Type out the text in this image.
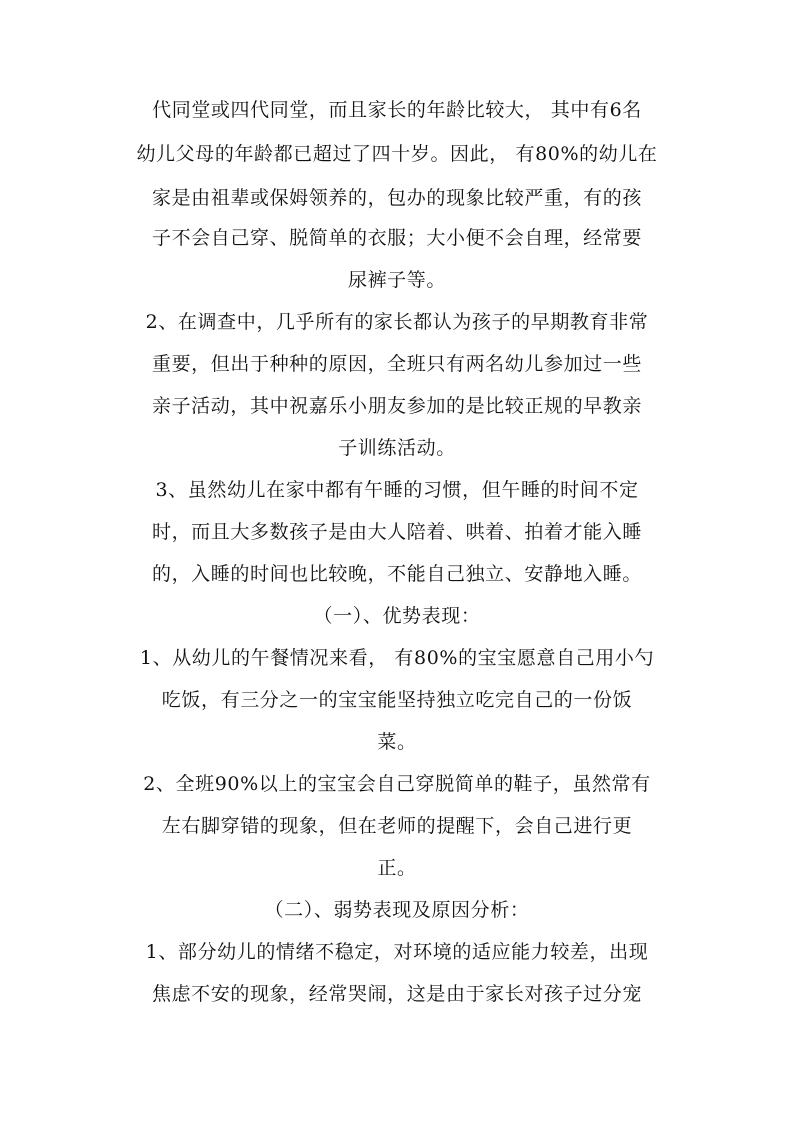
代同堂或四代同堂，而且家长的年龄比较大， 其中有6名
幼儿父母的年龄都已超过了四十岁。因此， 有80%的幼儿在
家是由祖辈或保姆领养的，包办的现象比较严重，有的孩
子不会自己穿、脱简单的衣服；大小便不会自理，经常要
尿裤子等。
2、在调查中，几乎所有的家长都认为孩子的早期教育非常
重要，但出于种种的原因，全班只有两名幼儿参加过一些
亲子活动，其中祝嘉乐小朋友参加的是比较正规的早教亲
子训练活动。
3、虽然幼儿在家中都有午睡的习惯，但午睡的时间不定
时，而且大多数孩子是由大人陪着、哄着、拍着才能入睡
的，入睡的时间也比较晚，不能自己独立、安静地入睡。
（一）、优势表现：
1、从幼儿的午餐情况来看， 有80%的宝宝愿意自己用小勺
吃饭，有三分之一的宝宝能坚持独立吃完自己的一份饭
菜。
2、全班90%以上的宝宝会自己穿脱简单的鞋子，虽然常有
左右脚穿错的现象，但在老师的提醒下，会自己进行更
正。
（二）、弱势表现及原因分析：
1、部分幼儿的情绪不稳定，对环境的适应能力较差，出现
焦虑不安的现象，经常哭闹，这是由于家长对孩子过分宠
